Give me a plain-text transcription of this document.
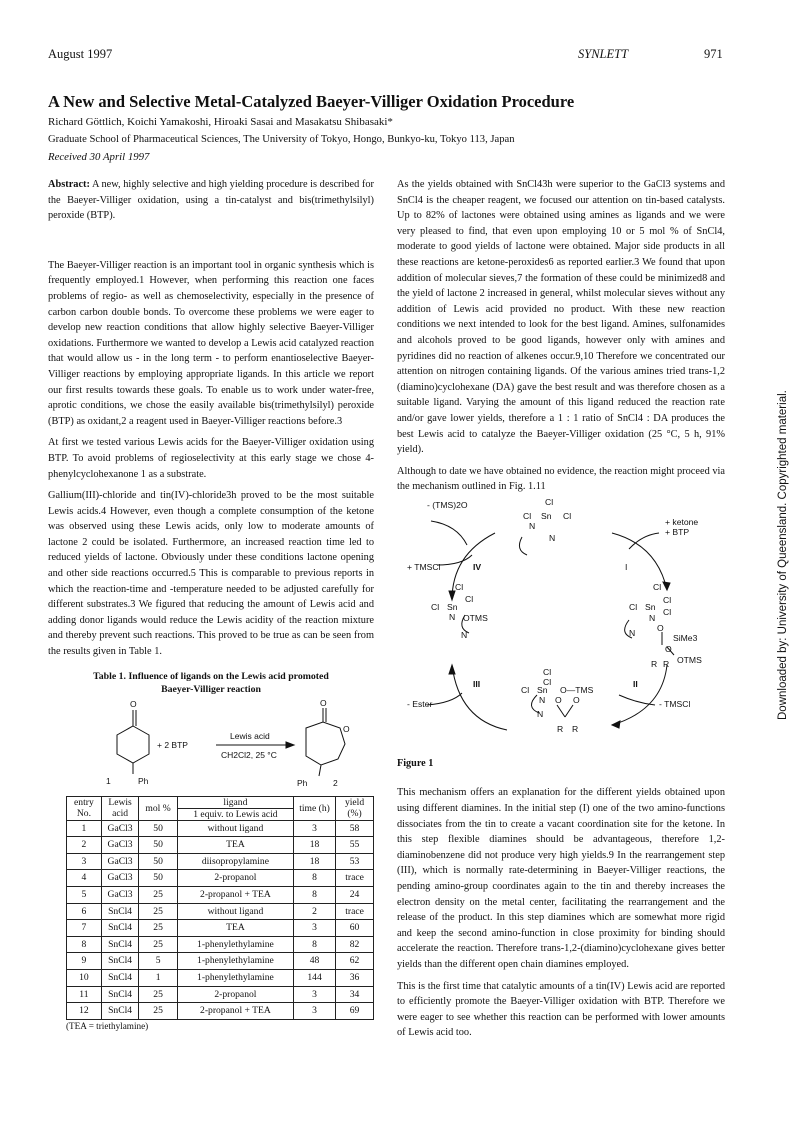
August 1997	SYNLETT	971
A New and Selective Metal-Catalyzed Baeyer-Villiger Oxidation Procedure
Richard Göttlich, Koichi Yamakoshi, Hiroaki Sasai and Masakatsu Shibasaki*
Graduate School of Pharmaceutical Sciences, The University of Tokyo, Hongo, Bunkyo-ku, Tokyo 113, Japan
Received 30 April 1997

Abstract: A new, highly selective and high yielding procedure is described for the Baeyer-Villiger oxidation, using a tin-catalyst and bis(trimethylsilyl) peroxide (BTP).

The Baeyer-Villiger reaction is an important tool in organic synthesis which is frequently employed.1 However, when performing this reaction one faces problems of regio- as well as chemoselectivity, especially in the presence of carbon carbon double bonds. To overcome these problems we were eager to develop new reaction conditions that allow highly selective Baeyer-Villiger oxidations. Furthermore we wanted to develop a Lewis acid catalyzed reaction that would allow us - in the long term - to perform enantioselective Baeyer-Villiger reactions by employing appropriate ligands. In this article we report our first results towards these goals. To enable us to work under water-free, aprotic conditions, we chose the easily available bis(trimethylsilyl) peroxide (BTP) as oxidant,2 a reagent used in Baeyer-Villiger reactions before.3

At first we tested various Lewis acids for the Baeyer-Villiger oxidation using BTP. To avoid problems of regioselectivity at this early stage we chose 4-phenylcyclohexanone 1 as a substrate.

Gallium(III)-chloride and tin(IV)-chloride3h proved to be the most suitable Lewis acids.4 However, even though a complete consumption of the ketone was observed using these Lewis acids, only low to moderate amounts of lactone 2 could be isolated. Furthermore, an increased reaction time led to reduced yields of lactone. Obviously under these conditions lactone opening and other side reactions occurred.5 This is comparable to previous reports in which the reaction-time and -temperature needed to be adjusted carefully for different substrates.3 We figured that reducing the amount of Lewis acid and adding donor ligands would reduce the Lewis acidity of the reaction mixture and thereby prevent such reactions. This proved to be true as can be seen from the results given in Table 1.

Table 1. Influence of ligands on the Lewis acid promoted
Baeyer-Villiger reaction
O
Ph
1
+ 2 BTP
Lewis acid
CH2Cl2, 25 °C
O
O
Ph	2
entry No.	Lewis acid	mol %	ligand
1 equiv. to Lewis acid	time (h)	yield (%)
1	GaCl3	50	without ligand	3	58
2	GaCl3	50	TEA	18	55
3	GaCl3	50	diisopropylamine	18	53
4	GaCl3	50	2-propanol	8	trace
5	GaCl3	25	2-propanol + TEA	8	24
6	SnCl4	25	without ligand	2	trace
7	SnCl4	25	TEA	3	60
8	SnCl4	25	1-phenylethylamine	8	82
9	SnCl4	5	1-phenylethylamine	48	62
10	SnCl4	1	1-phenylethylamine	144	36
11	SnCl4	25	2-propanol	3	34
12	SnCl4	25	2-propanol + TEA	3	69
(TEA = triethylamine)

As the yields obtained with SnCl43h were superior to the GaCl3 systems and SnCl4 is the cheaper reagent, we focused our attention on tin-based catalysts. Up to 82% of lactones were obtained using amines as ligands and we were very pleased to find, that even upon employing 10 or 5 mol % of SnCl4, moderate to good yields of lactone were obtained. Major side products in all these reactions are ketone-peroxides6 as reported earlier.3 We found that upon addition of molecular sieves,7 the formation of these could be minimized8 and the yield of lactone 2 increased in general, whilst molecular sieves without any addition of Lewis acid provided no product. With these new reaction conditions we next intended to look for the best ligand. Amines, sulfonamides and alcohols proved to be good ligands, however only with amines and pyridines did no reaction of alkenes occur.9,10 Therefore we concentrated our attention on nitrogen containing ligands. Of the various amines tried trans-1,2 (diamino)cyclohexane (DA) gave the best result and was therefore chosen as a suitable ligand. Varying the amount of this ligand reduced the reaction rate and/or gave lower yields, therefore a 1 : 1 ratio of SnCl4 : DA produces the best Lewis acid to catalyze the Baeyer-Villiger oxidation (25 °C, 5 h, 91% yield).

Although to date we have obtained no evidence, the reaction might proceed via the mechanism outlined in Fig. 1.11

- (TMS)2O	Cl
Cl Sn Cl
N
N
+ ketone
+ BTP
+ TMSCl	IV	I
Cl
Cl
Cl Sn
N OTMS
N
Cl
Cl
Cl Sn Cl
N
N	O
SiMe3
O
OTMS
R R
III	II
Cl
Cl
Cl Sn O—TMS
N O O
N
R R
- Ester	- TMSCl
Figure 1

This mechanism offers an explanation for the different yields obtained upon using different diamines. In the initial step (I) one of the two amino-functions dissociates from the tin to create a vacant coordination site for the ketone. In this step flexible diamines should be advantageous, therefore 1,2-diaminobenzene did not produce very high yields.9 In the rearrangement step (III), which is normally rate-determining in Baeyer-Villiger reactions, the pending amino-group coordinates again to the tin and thereby increases the electron density on the metal center, facilitating the rearrangement and the release of the product. In this step diamines which are somewhat more rigid and keep the second amino-function in close proximity for binding should accelerate the reaction. Therefore trans-1,2-(diamino)cyclohexane gives better yields than the different open chain diamines employed.

This is the first time that catalytic amounts of a tin(IV) Lewis acid are reported to efficiently promote the Baeyer-Villiger oxidation with BTP. Therefore we were eager to see whether this reaction can be performed with lower amounts of Lewis acid too.

Downloaded by: University of Queensland. Copyrighted material.
